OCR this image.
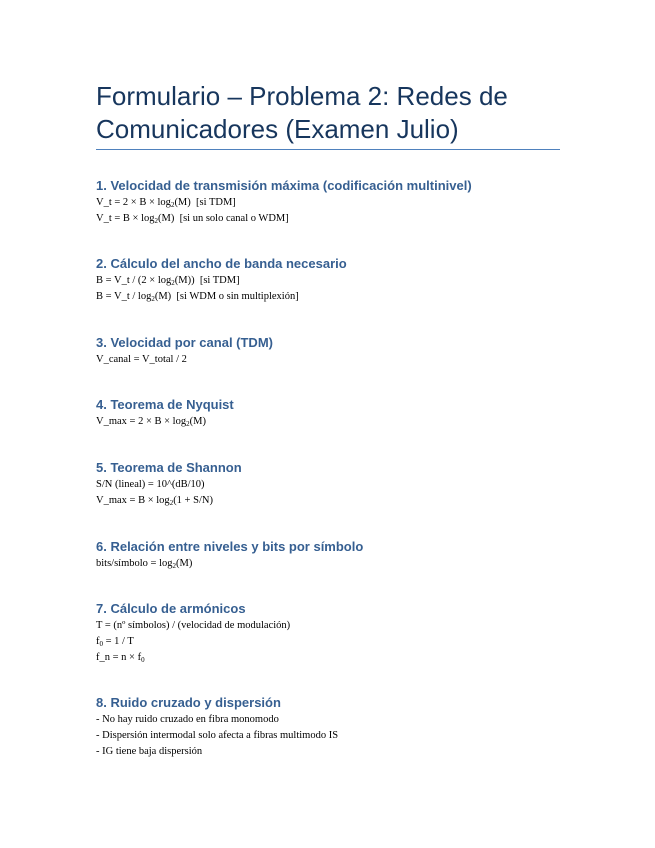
Formulario – Problema 2: Redes de Comunicadores (Examen Julio)
1. Velocidad de transmisión máxima (codificación multinivel)
V_t = $2 \times B \times \log_2(M)$  [si TDM]
V_t = $B \times \log_2(M)$  [si un solo canal o WDM]
2. Cálculo del ancho de banda necesario
B = V_t / $(2 \times \log_2(M))$  [si TDM]
B = V_t / $\log_2(M)$  [si WDM o sin multiplexión]
3. Velocidad por canal (TDM)
V_canal = V_total / 2
4. Teorema de Nyquist
V_max = $2 \times B \times \log_2(M)$
5. Teorema de Shannon
S/N (lineal) = 10^(dB/10)
V_max = $B \times \log_2(1 + S/N)$
6. Relación entre niveles y bits por símbolo
bits/símbolo = $\log_2(M)$
7. Cálculo de armónicos
T = (nº símbolos) / (velocidad de modulación)
$f_0 = 1 / T$
f_n = $n \times f_0$
8. Ruido cruzado y dispersión
- No hay ruido cruzado en fibra monomodo
- Dispersión intermodal solo afecta a fibras multimodo IS
- IG tiene baja dispersión
